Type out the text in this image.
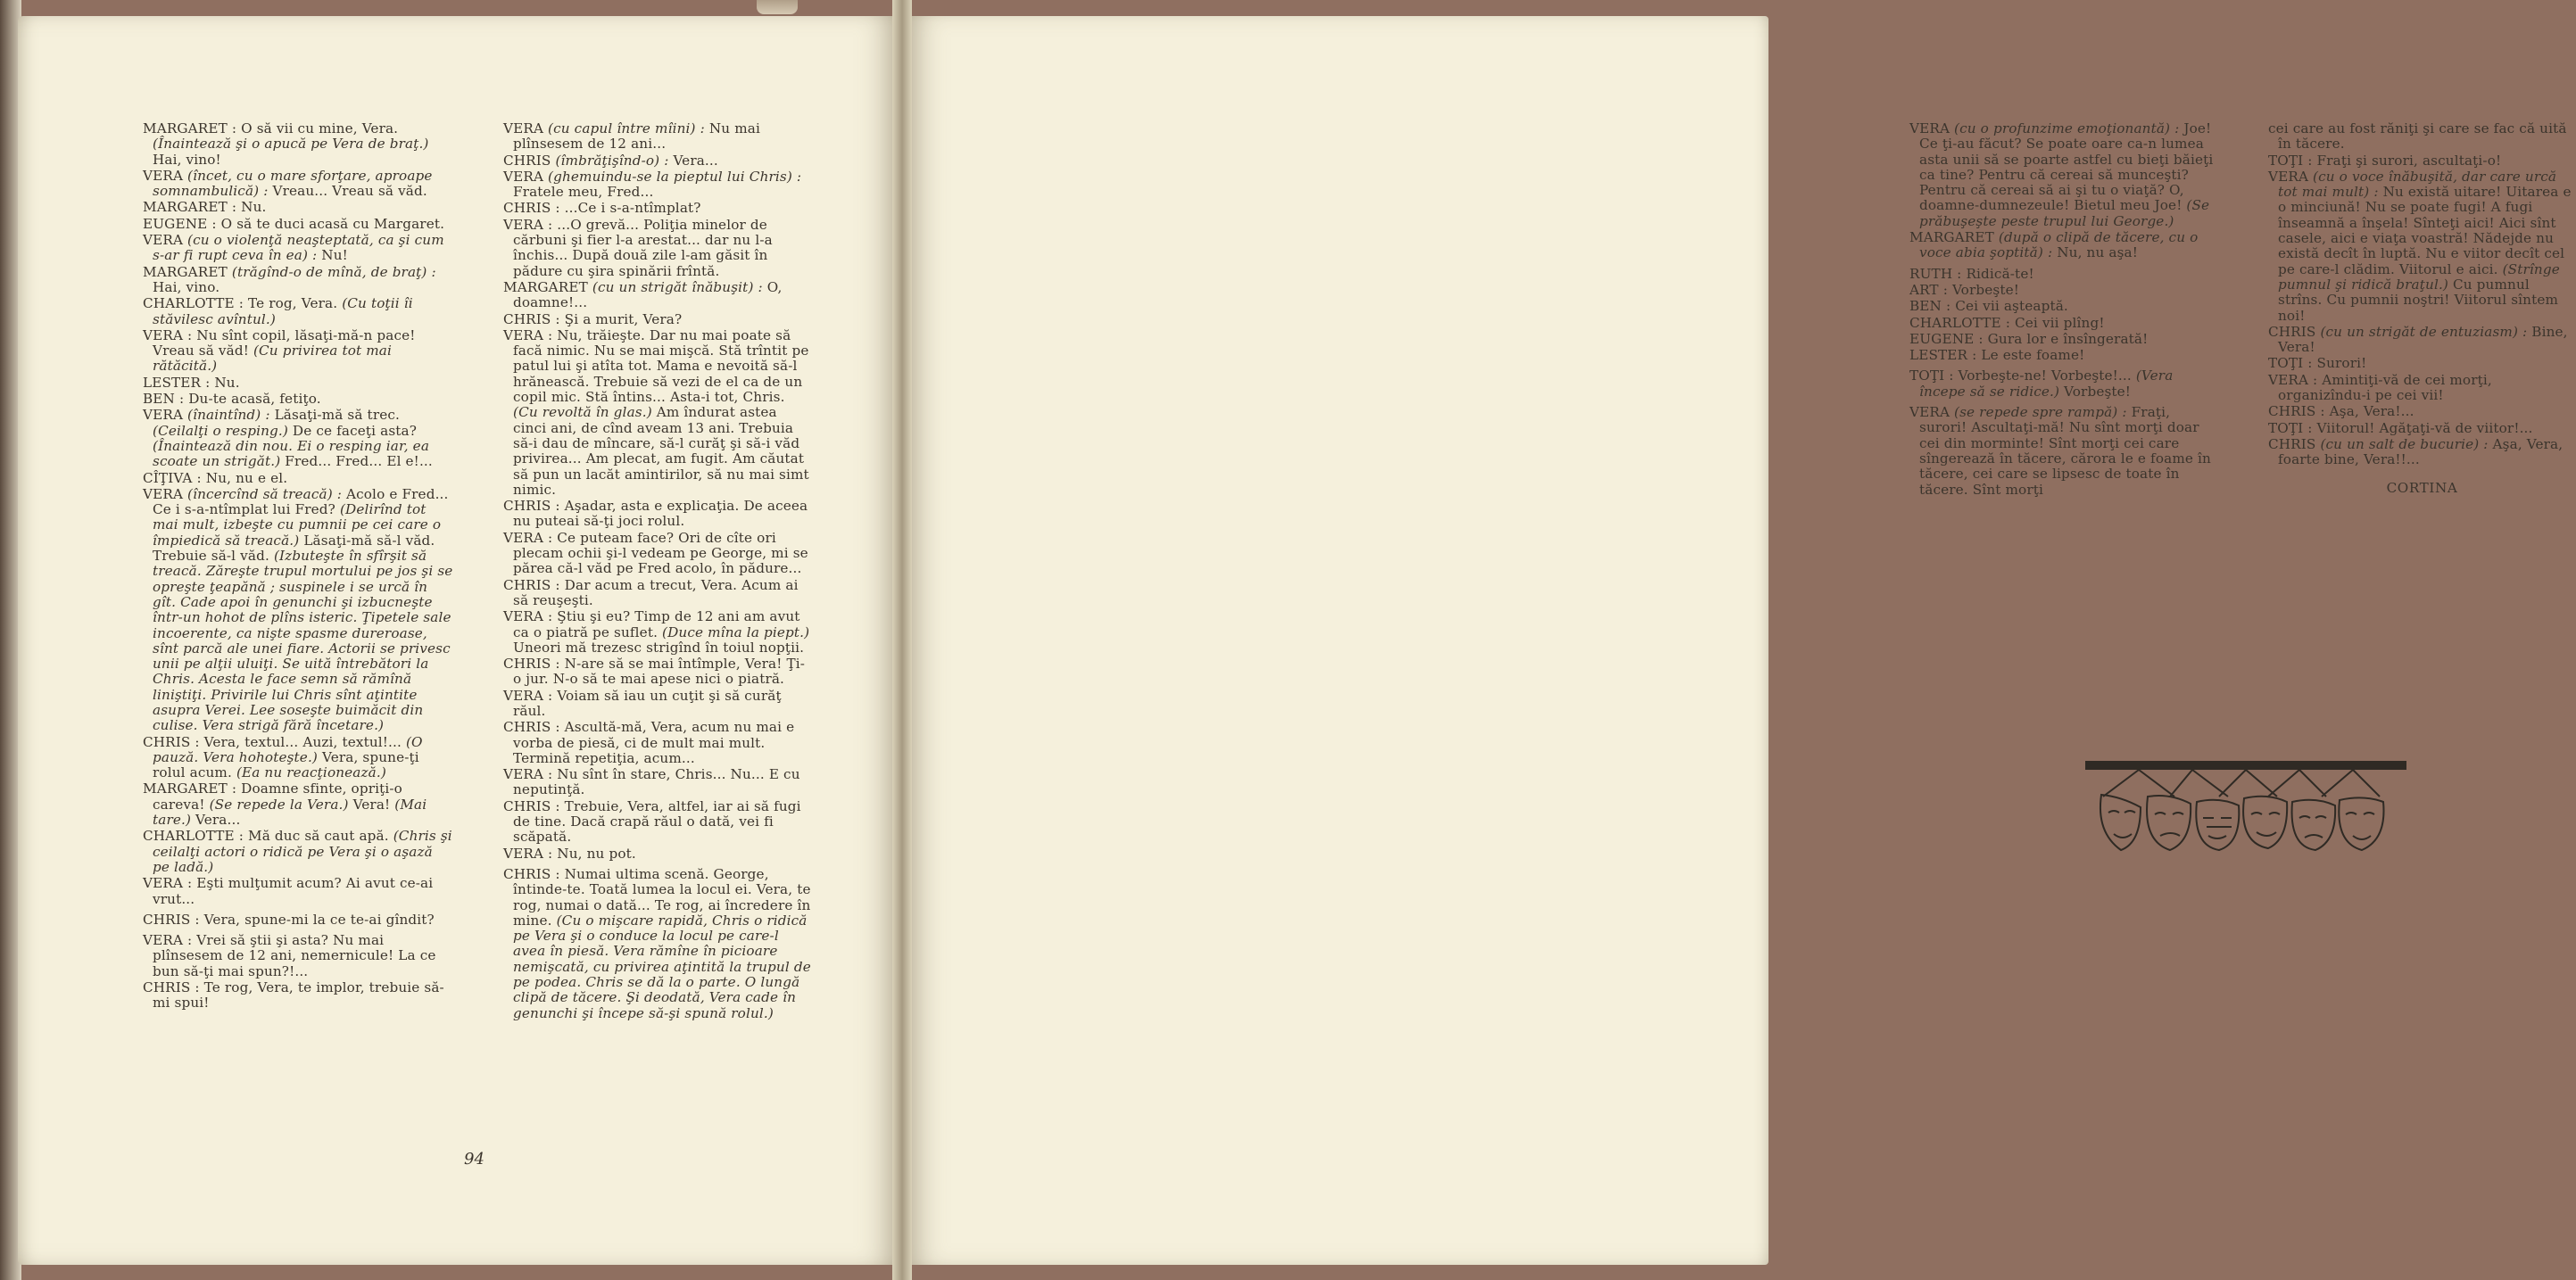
MARGARET : O să vii cu mine, Vera. (Înaintează şi o apucă pe Vera de braţ.) Hai, vino!

VERA (încet, cu o mare sforţare, aproape somnambulică) : Vreau... Vreau să văd.

MARGARET : Nu.

EUGENE : O să te duci acasă cu Margaret.

VERA (cu o violenţă neaşteptată, ca şi cum s-ar fi rupt ceva în ea) : Nu!

MARGARET (trăgînd-o de mînă, de braţ) : Hai, vino.

CHARLOTTE : Te rog, Vera. (Cu toţii îi stăvilesc avîntul.)

VERA : Nu sînt copil, lăsaţi-mă-n pace! Vreau să văd! (Cu privirea tot mai rătăcită.)

LESTER : Nu.

BEN : Du-te acasă, fetiţo.

VERA (înaintînd) : Lăsaţi-mă să trec. (Ceilalţi o resping.) De ce faceţi asta? (Înaintează din nou. Ei o resping iar, ea scoate un strigăt.) Fred... Fred... El e!...

CÎŢIVA : Nu, nu e el.

VERA (încercînd să treacă) : Acolo e Fred... Ce i s-a-ntîmplat lui Fred? (Delirînd tot mai mult, izbeşte cu pumnii pe cei care o împiedică să treacă.) Lăsaţi-mă să-l văd. Trebuie să-l văd. (Izbuteşte în sfîrşit să treacă. Zăreşte trupul mortului pe jos şi se opreşte ţeapănă ; suspinele i se urcă în gît. Cade apoi în genunchi şi izbucneşte într-un hohot de plîns isteric. Ţipetele sale incoerente, ca nişte spasme dureroase, sînt parcă ale unei fiare. Actorii se privesc unii pe alţii uluiţi. Se uită întrebători la Chris. Acesta le face semn să rămînă liniştiţi. Privirile lui Chris sînt aţintite asupra Verei. Lee soseşte buimăcit din culise. Vera strigă fără încetare.)

CHRIS : Vera, textul... Auzi, textul!... (O pauză. Vera hohoteşte.) Vera, spune-ţi rolul acum. (Ea nu reacţionează.)

MARGARET : Doamne sfinte, opriţi-o careva! (Se repede la Vera.) Vera! (Mai tare.) Vera...

CHARLOTTE : Mă duc să caut apă. (Chris şi ceilalţi actori o ridică pe Vera şi o aşază pe ladă.)

VERA : Eşti mulţumit acum? Ai avut ce-ai vrut...

CHRIS : Vera, spune-mi la ce te-ai gîndit?

VERA : Vrei să ştii şi asta? Nu mai plînsesem de 12 ani, nemernicule! La ce bun să-ţi mai spun?!...

CHRIS : Te rog, Vera, te implor, trebuie să-mi spui!

VERA (cu capul între mîini) : Nu mai plînsesem de 12 ani...

CHRIS (îmbrăţişînd-o) : Vera...

VERA (ghemuindu-se la pieptul lui Chris) : Fratele meu, Fred...

CHRIS : ...Ce i s-a-ntîmplat?

VERA : ...O grevă... Poliţia minelor de cărbuni şi fier l-a arestat... dar nu l-a închis... După două zile l-am găsit în pădure cu şira spinării frîntă.

MARGARET (cu un strigăt înăbuşit) : O, doamne!...

CHRIS : Şi a murit, Vera?

VERA : Nu, trăieşte. Dar nu mai poate să facă nimic. Nu se mai mişcă. Stă trîntit pe patul lui şi atîta tot. Mama e nevoită să-l hrănească. Trebuie să vezi de el ca de un copil mic. Stă întins... Asta-i tot, Chris. (Cu revoltă în glas.) Am îndurat astea cinci ani, de cînd aveam 13 ani. Trebuia să-i dau de mîncare, să-l curăţ şi să-i văd privirea... Am plecat, am fugit. Am căutat să pun un lacăt amintirilor, să nu mai simt nimic.

CHRIS : Aşadar, asta e explicaţia. De aceea nu puteai să-ţi joci rolul.

VERA : Ce puteam face? Ori de cîte ori plecam ochii şi-l vedeam pe George, mi se părea că-l văd pe Fred acolo, în pădure...

CHRIS : Dar acum a trecut, Vera. Acum ai să reuşeşti.

VERA : Ştiu şi eu? Timp de 12 ani am avut ca o piatră pe suflet. (Duce mîna la piept.) Uneori mă trezesc strigînd în toiul nopţii.

CHRIS : N-are să se mai întîmple, Vera! Ţi-o jur. N-o să te mai apese nici o piatră.

VERA : Voiam să iau un cuţit şi să curăţ răul.

CHRIS : Ascultă-mă, Vera, acum nu mai e vorba de piesă, ci de mult mai mult. Termină repetiţia, acum...

VERA : Nu sînt în stare, Chris... Nu... E cu neputinţă.

CHRIS : Trebuie, Vera, altfel, iar ai să fugi de tine. Dacă crapă răul o dată, vei fi scăpată.

VERA : Nu, nu pot.

CHRIS : Numai ultima scenă. George, întinde-te. Toată lumea la locul ei. Vera, te rog, numai o dată... Te rog, ai încredere în mine. (Cu o mişcare rapidă, Chris o ridică pe Vera şi o conduce la locul pe care-l avea în piesă. Vera rămîne în picioare nemişcată, cu privirea aţintită la trupul de pe podea. Chris se dă la o parte. O lungă clipă de tăcere. Şi deodată, Vera cade în genunchi şi începe să-şi spună rolul.)

94

VERA (cu o profunzime emoţionantă) : Joe! Ce ţi-au făcut? Se poate oare ca-n lumea asta unii să se poarte astfel cu bieţi băieţi ca tine? Pentru că cereai să munceşti? Pentru că cereai să ai şi tu o viaţă? O, doamne-dumnezeule! Bietul meu Joe! (Se prăbuşeşte peste trupul lui George.)

MARGARET (după o clipă de tăcere, cu o voce abia şoptită) : Nu, nu aşa!

RUTH : Ridică-te!

ART : Vorbeşte!

BEN : Cei vii aşteaptă.

CHARLOTTE : Cei vii plîng!

EUGENE : Gura lor e însîngerată!

LESTER : Le este foame!

TOŢI : Vorbeşte-ne! Vorbeşte!... (Vera începe să se ridice.) Vorbeşte!

VERA (se repede spre rampă) : Fraţi, surori! Ascultaţi-mă! Nu sînt morţi doar cei din morminte! Sînt morţi cei care sîngerează în tăcere, cărora le e foame în tăcere, cei care se lipsesc de toate în tăcere. Sînt morţi

cei care au fost răniţi şi care se fac că uită în tăcere.

TOŢI : Fraţi şi surori, ascultaţi-o!

VERA (cu o voce înăbuşită, dar care urcă tot mai mult) : Nu există uitare! Uitarea e o minciună! Nu se poate fugi! A fugi înseamnă a înşela! Sînteţi aici! Aici sînt casele, aici e viaţa voastră! Nădejde nu există decît în luptă. Nu e viitor decît cel pe care-l clădim. Viitorul e aici. (Strînge pumnul şi ridică braţul.) Cu pumnul strîns. Cu pumnii noştri! Viitorul sîntem noi!

CHRIS (cu un strigăt de entuziasm) : Bine, Vera!

TOŢI : Surori!

VERA : Amintiţi-vă de cei morţi, organizîndu-i pe cei vii!

CHRIS : Aşa, Vera!...

TOŢI : Viitorul! Agăţaţi-vă de viitor!...

CHRIS (cu un salt de bucurie) : Aşa, Vera, foarte bine, Vera!!...

CORTINA
